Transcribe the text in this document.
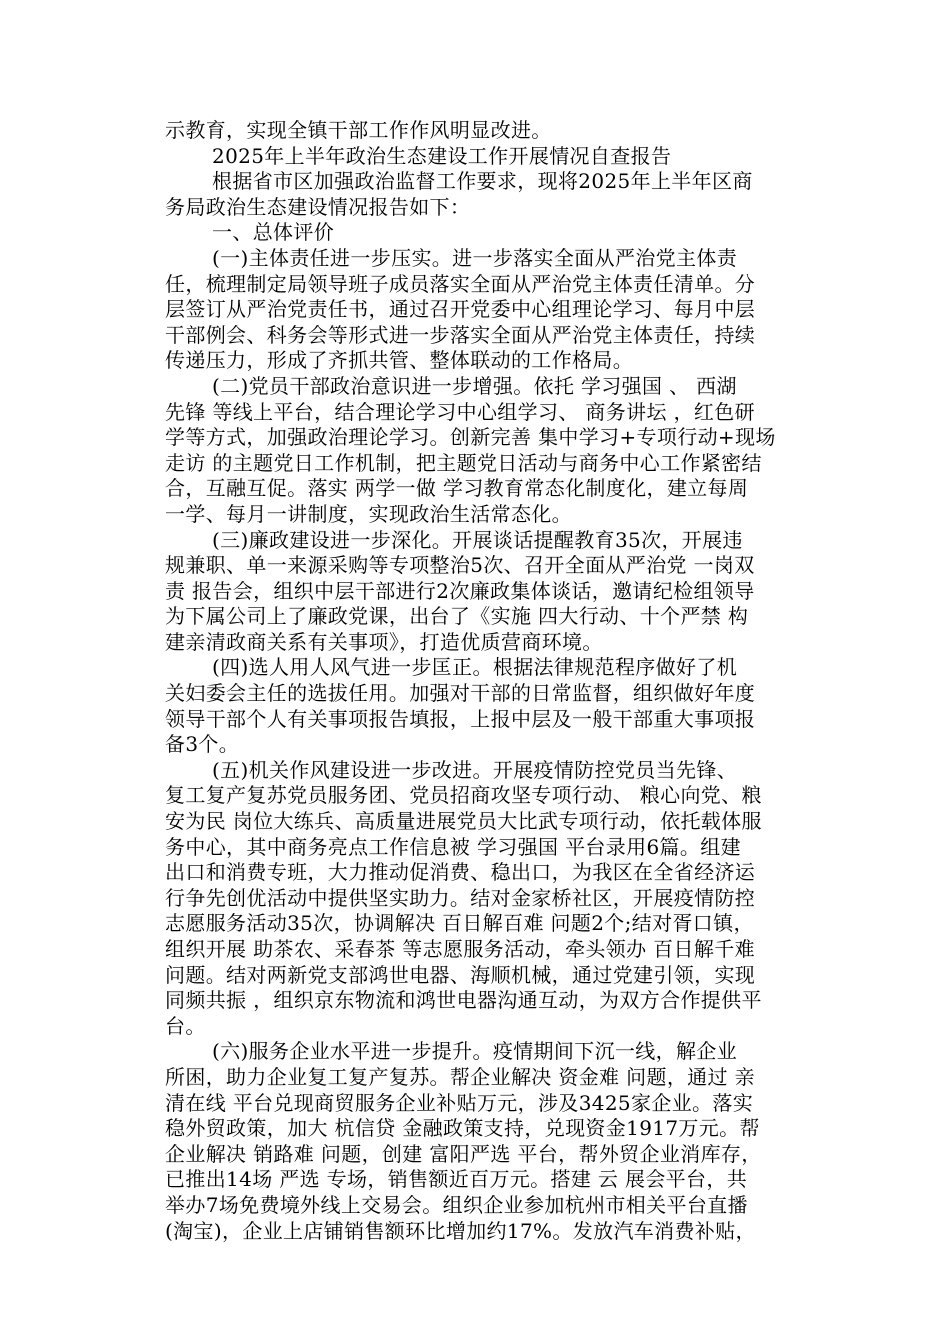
示教育，实现全镇干部工作作风明显改进。
2025年上半年政治生态建设工作开展情况自查报告
根据省市区加强政治监督工作要求，现将2025年上半年区商
务局政治生态建设情况报告如下：
一、总体评价
(一)主体责任进一步压实。进一步落实全面从严治党主体责
任，梳理制定局领导班子成员落实全面从严治党主体责任清单。分
层签订从严治党责任书，通过召开党委中心组理论学习、每月中层
干部例会、科务会等形式进一步落实全面从严治党主体责任，持续
传递压力，形成了齐抓共管、整体联动的工作格局。
(二)党员干部政治意识进一步增强。依托 学习强国 、 西湖
先锋 等线上平台，结合理论学习中心组学习、 商务讲坛 ，红色研
学等方式，加强政治理论学习。创新完善 集中学习+专项行动+现场
走访 的主题党日工作机制，把主题党日活动与商务中心工作紧密结
合，互融互促。落实 两学一做 学习教育常态化制度化，建立每周
一学、每月一讲制度，实现政治生活常态化。
(三)廉政建设进一步深化。开展谈话提醒教育35次，开展违
规兼职、单一来源采购等专项整治5次、召开全面从严治党 一岗双
责 报告会，组织中层干部进行2次廉政集体谈话，邀请纪检组领导
为下属公司上了廉政党课，出台了《实施 四大行动、十个严禁 构
建亲清政商关系有关事项》，打造优质营商环境。
(四)选人用人风气进一步匡正。根据法律规范程序做好了机
关妇委会主任的选拔任用。加强对干部的日常监督，组织做好年度
领导干部个人有关事项报告填报，上报中层及一般干部重大事项报
备3个。
(五)机关作风建设进一步改进。开展疫情防控党员当先锋、
复工复产复苏党员服务团、党员招商攻坚专项行动、 粮心向党、粮
安为民 岗位大练兵、高质量进展党员大比武专项行动，依托载体服
务中心，其中商务亮点工作信息被 学习强国 平台录用6篇。组建
出口和消费专班，大力推动促消费、稳出口，为我区在全省经济运
行争先创优活动中提供坚实助力。结对金家桥社区，开展疫情防控
志愿服务活动35次，协调解决 百日解百难 问题2个;结对胥口镇，
组织开展 助茶农、采春茶 等志愿服务活动，牵头领办 百日解千难
问题。结对两新党支部鸿世电器、海顺机械，通过党建引领，实现
同频共振 ，组织京东物流和鸿世电器沟通互动，为双方合作提供平
台。
(六)服务企业水平进一步提升。疫情期间下沉一线，解企业
所困，助力企业复工复产复苏。帮企业解决 资金难 问题，通过 亲
清在线 平台兑现商贸服务企业补贴万元，涉及3425家企业。落实
稳外贸政策，加大 杭信贷 金融政策支持，兑现资金1917万元。帮
企业解决 销路难 问题，创建 富阳严选 平台，帮外贸企业消库存，
已推出14场 严选 专场，销售额近百万元。搭建 云 展会平台，共
举办7场免费境外线上交易会。组织企业参加杭州市相关平台直播
(淘宝)，企业上店铺销售额环比增加约17%。发放汽车消费补贴，
